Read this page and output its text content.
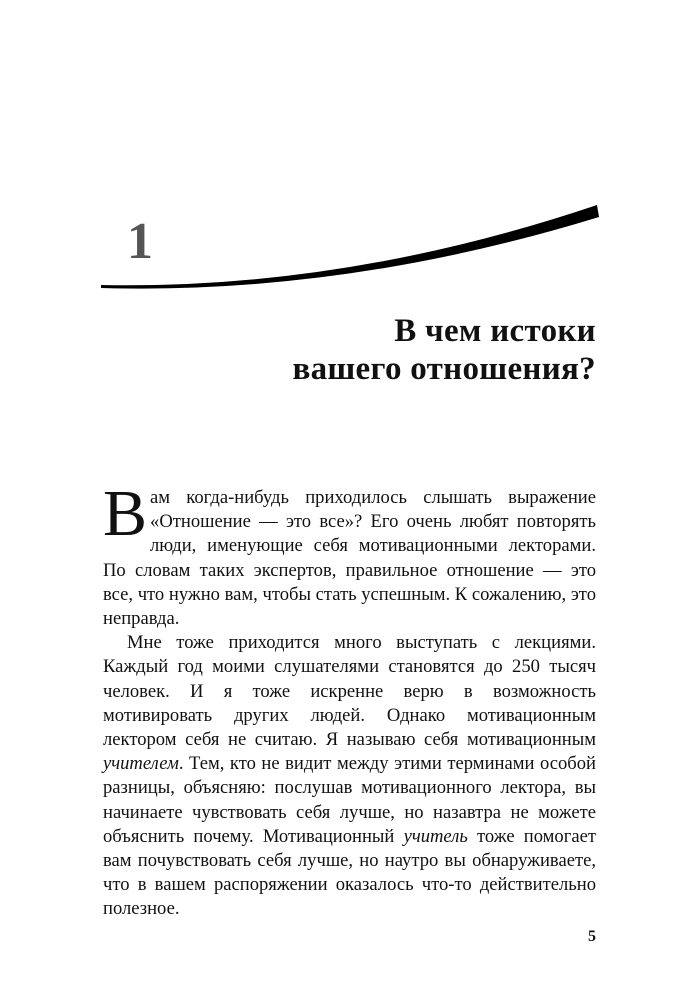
1
В чем истоки
вашего отношения?

Вам когда-нибудь приходилось слышать выражение «Отношение — это все»? Его очень любят повторять люди, именующие себя мотивационными лекторами. По словам таких экспертов, правильное отношение — это все, что нужно вам, чтобы стать успешным. К сожалению, это неправда.

Мне тоже приходится много выступать с лекциями. Каждый год моими слушателями становятся до 250 тысяч человек. И я тоже искренне верю в возможность мотивировать других людей. Однако мотивационным лектором себя не считаю. Я называю себя мотивационным учителем. Тем, кто не видит между этими терминами особой разницы, объясняю: послушав мотивационного лектора, вы начинаете чувствовать себя лучше, но назавтра не можете объяснить почему. Мотивационный учитель тоже помогает вам почувствовать себя лучше, но наутро вы обнаруживаете, что в вашем распоряжении оказалось что-то действительно полезное.

5
